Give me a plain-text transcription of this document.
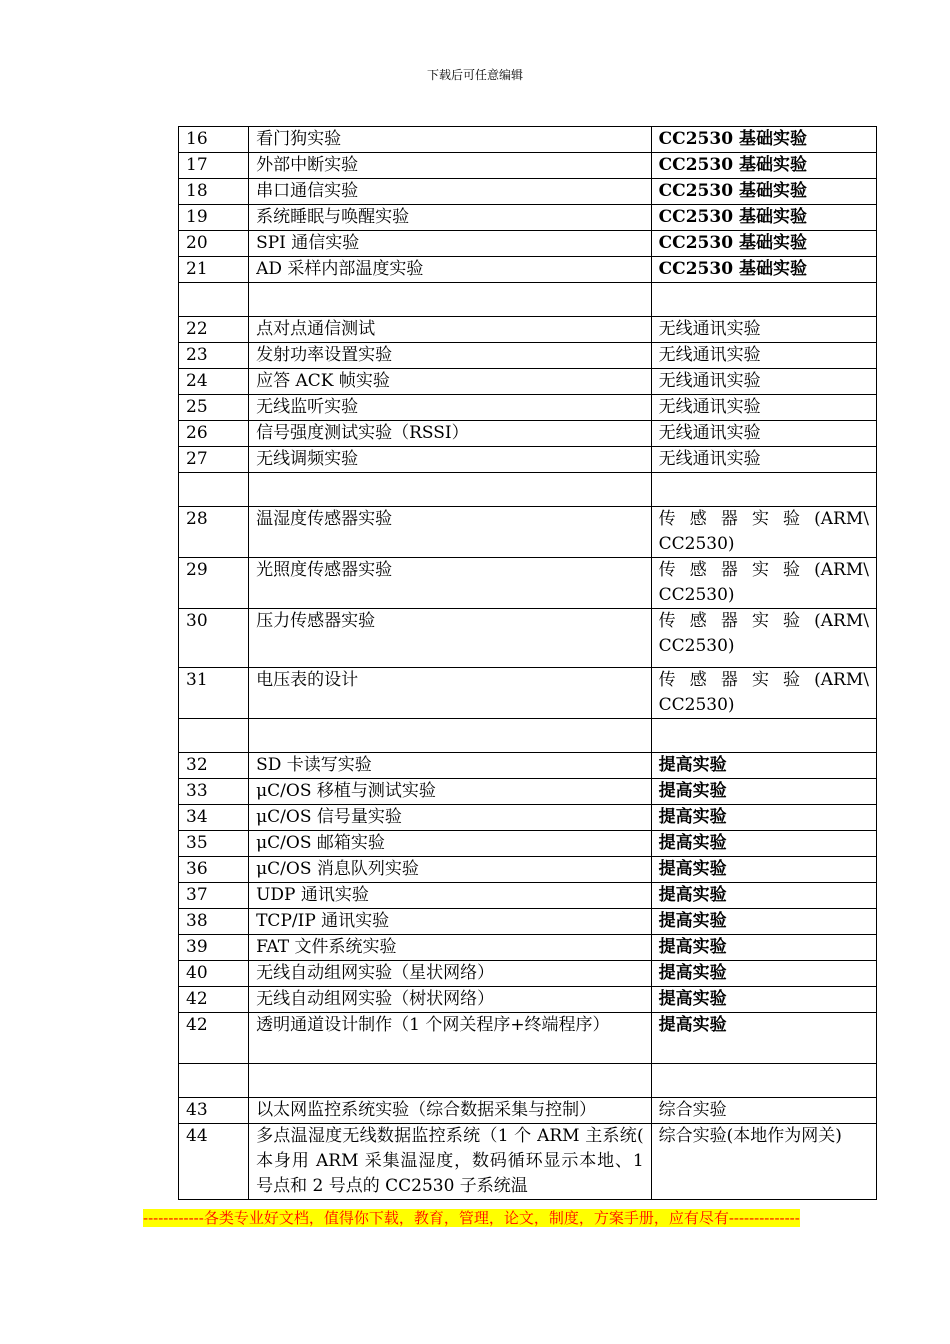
下载后可任意编辑
16	看门狗实验	CC2530 基础实验
17	外部中断实验	CC2530 基础实验
18	串口通信实验	CC2530 基础实验
19	系统睡眠与唤醒实验	CC2530 基础实验
20	SPI 通信实验	CC2530 基础实验
21	AD 采样内部温度实验	CC2530 基础实验

22	点对点通信测试	无线通讯实验
23	发射功率设置实验	无线通讯实验
24	应答 ACK 帧实验	无线通讯实验
25	无线监听实验	无线通讯实验
26	信号强度测试实验（RSSI）	无线通讯实验
27	无线调频实验	无线通讯实验

28	温湿度传感器实验	传 感 器 实 验 (ARM\ CC2530)
29	光照度传感器实验	传 感 器 实 验 (ARM\ CC2530)
30	压力传感器实验	传 感 器 实 验 (ARM\ CC2530)
31	电压表的设计	传 感 器 实 验 (ARM\ CC2530)

32	SD 卡读写实验	提高实验
33	μC/OS 移植与测试实验	提高实验
34	μC/OS 信号量实验	提高实验
35	μC/OS 邮箱实验	提高实验
36	μC/OS 消息队列实验	提高实验
37	UDP 通讯实验	提高实验
38	TCP/IP 通讯实验	提高实验
39	FAT 文件系统实验	提高实验
40	无线自动组网实验（星状网络）	提高实验
42	无线自动组网实验（树状网络）	提高实验
42	透明通道设计制作（1 个网关程序+终端程序）	提高实验

43	以太网监控系统实验（综合数据采集与控制）	综合实验
44	多点温湿度无线数据监控系统（1 个 ARM 主系统( 本身用 ARM 采集温湿度，数码循环显示本地、1 号点和 2 号点的 CC2530 子系统温	综合实验(本地作为网关)
------------各类专业好文档，值得你下载，教育，管理，论文，制度，方案手册，应有尽有--------------
